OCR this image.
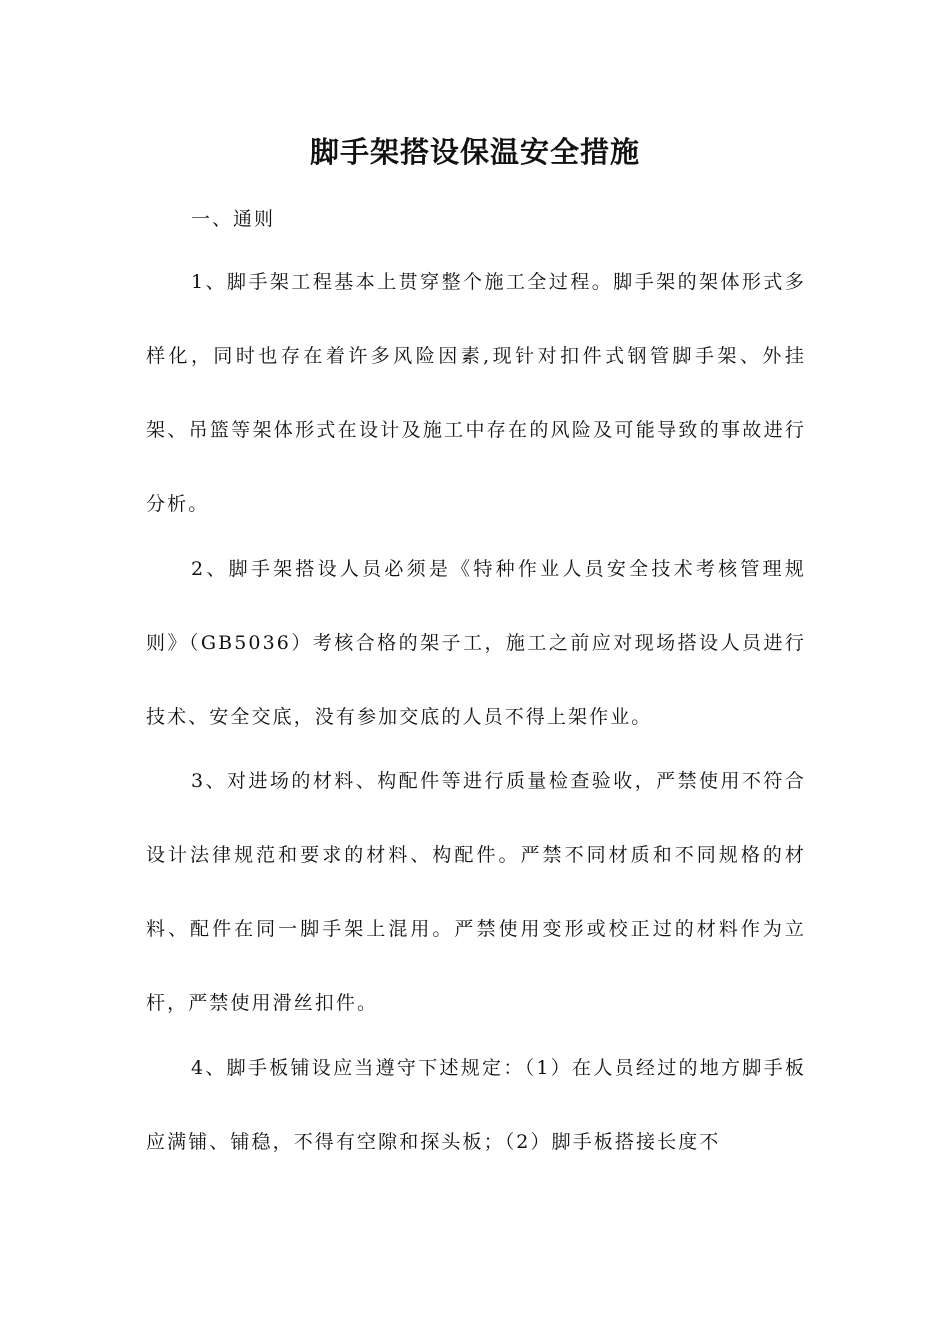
脚手架搭设保温安全措施

一、通则

1、脚手架工程基本上贯穿整个施工全过程。脚手架的架体形式多样化，同时也存在着许多风险因素,现针对扣件式钢管脚手架、外挂架、吊篮等架体形式在设计及施工中存在的风险及可能导致的事故进行分析。

2、脚手架搭设人员必须是《特种作业人员安全技术考核管理规则》（GB5036）考核合格的架子工，施工之前应对现场搭设人员进行技术、安全交底，没有参加交底的人员不得上架作业。

3、对进场的材料、构配件等进行质量检查验收，严禁使用不符合设计法律规范和要求的材料、构配件。严禁不同材质和不同规格的材料、配件在同一脚手架上混用。严禁使用变形或校正过的材料作为立杆，严禁使用滑丝扣件。

4、脚手板铺设应当遵守下述规定：（1）在人员经过的地方脚手板应满铺、铺稳，不得有空隙和探头板；（2）脚手板搭接长度不
